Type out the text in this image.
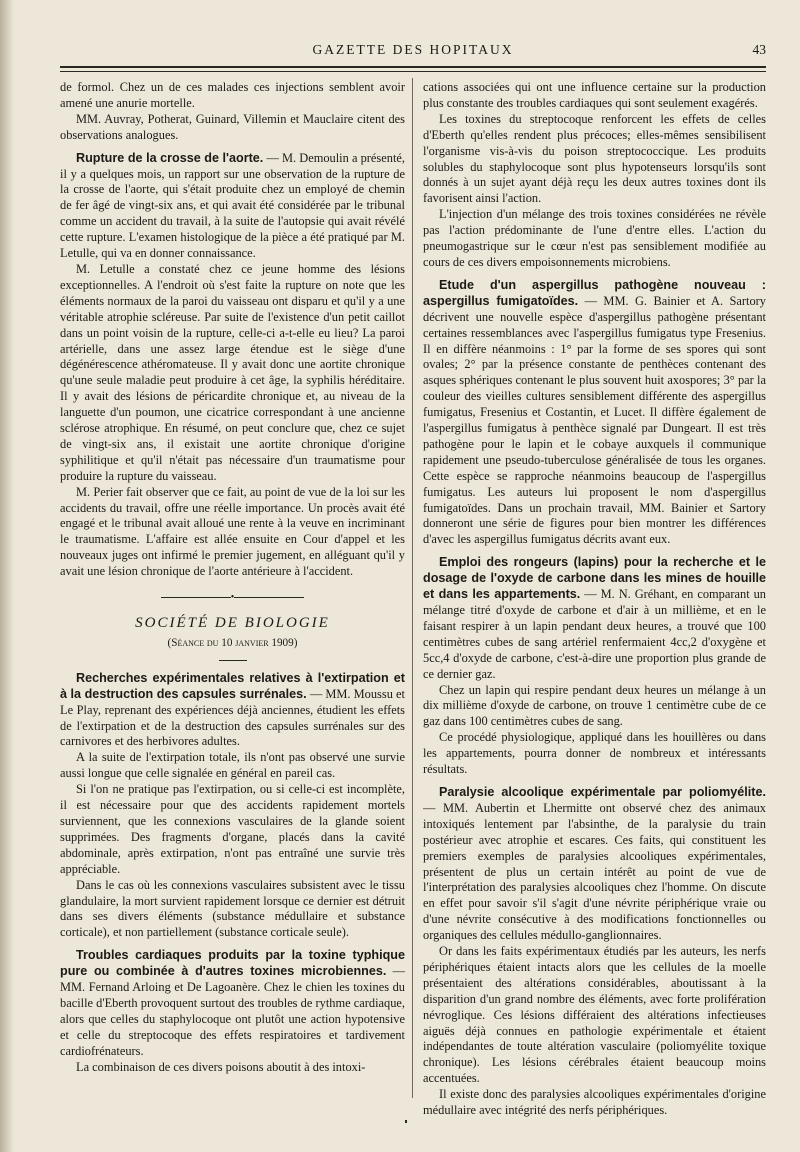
GAZETTE DES HOPITAUX	43

de formol. Chez un de ces malades ces injections semblent avoir amené une anurie mortelle.

MM. Auvray, Potherat, Guinard, Villemin et Mauclaire citent des observations analogues.

Rupture de la crosse de l'aorte. — M. Demoulin a présenté, il y a quelques mois, un rapport sur une observation de la rupture de la crosse de l'aorte, qui s'était produite chez un employé de chemin de fer âgé de vingt-six ans, et qui avait été considérée par le tribunal comme un accident du travail, à la suite de l'autopsie qui avait révélé cette rupture. L'examen histologique de la pièce a été pratiqué par M. Letulle, qui va en donner connaissance.

M. Letulle a constaté chez ce jeune homme des lésions exceptionnelles. A l'endroit où s'est faite la rupture on note que les éléments normaux de la paroi du vaisseau ont disparu et qu'il y a une véritable atrophie scléreuse. Par suite de l'existence d'un petit caillot dans un point voisin de la rupture, celle-ci a-t-elle eu lieu? La paroi artérielle, dans une assez large étendue est le siège d'une dégénérescence athéromateuse. Il y avait donc une aortite chronique qu'une seule maladie peut produire à cet âge, la syphilis héréditaire. Il y avait des lésions de péricardite chronique et, au niveau de la languette d'un poumon, une cicatrice correspondant à une ancienne sclérose atrophique. En résumé, on peut conclure que, chez ce sujet de vingt-six ans, il existait une aortite chronique d'origine syphilitique et qu'il n'était pas nécessaire d'un traumatisme pour produire la rupture du vaisseau.

M. Perier fait observer que ce fait, au point de vue de la loi sur les accidents du travail, offre une réelle importance. Un procès avait été engagé et le tribunal avait alloué une rente à la veuve en incriminant le traumatisme. L'affaire est allée ensuite en Cour d'appel et les nouveaux juges ont infirmé le premier jugement, en alléguant qu'il y avait une lésion chronique de l'aorte antérieure à l'accident.

•
SOCIÉTÉ DE BIOLOGIE
(Séance du 10 janvier 1909)

Recherches expérimentales relatives à l'extirpation et à la destruction des capsules surrénales. — MM. Moussu et Le Play, reprenant des expériences déjà anciennes, étudient les effets de l'extirpation et de la destruction des capsules surrénales sur des carnivores et des herbivores adultes.

A la suite de l'extirpation totale, ils n'ont pas observé une survie aussi longue que celle signalée en général en pareil cas.

Si l'on ne pratique pas l'extirpation, ou si celle-ci est incomplète, il est nécessaire pour que des accidents rapidement mortels surviennent, que les connexions vasculaires de la glande soient supprimées. Des fragments d'organe, placés dans la cavité abdominale, après extirpation, n'ont pas entraîné une survie très appréciable.

Dans le cas où les connexions vasculaires subsistent avec le tissu glandulaire, la mort survient rapidement lorsque ce dernier est détruit dans ses divers éléments (substance médullaire et substance corticale), et non partiellement (substance corticale seule).

Troubles cardiaques produits par la toxine typhique pure ou combinée à d'autres toxines microbiennes. — MM. Fernand Arloing et De Lagoanère. Chez le chien les toxines du bacille d'Eberth provoquent surtout des troubles de rythme cardiaque, alors que celles du staphylocoque ont plutôt une action hypotensive et celle du streptocoque des effets respiratoires et tardivement cardiofrénateurs.

La combinaison de ces divers poisons aboutit à des intoxi-

cations associées qui ont une influence certaine sur la production plus constante des troubles cardiaques qui sont seulement exagérés.

Les toxines du streptocoque renforcent les effets de celles d'Eberth qu'elles rendent plus précoces; elles-mêmes sensibilisent l'organisme vis-à-vis du poison streptococcique. Les produits solubles du staphylocoque sont plus hypotenseurs lorsqu'ils sont donnés à un sujet ayant déjà reçu les deux autres toxines dont ils favorisent ainsi l'action.

L'injection d'un mélange des trois toxines considérées ne révèle pas l'action prédominante de l'une d'entre elles. L'action du pneumogastrique sur le cœur n'est pas sensiblement modifiée au cours de ces divers empoisonnements microbiens.

Etude d'un aspergillus pathogène nouveau : aspergillus fumigatoïdes. — MM. G. Bainier et A. Sartory décrivent une nouvelle espèce d'aspergillus pathogène présentant certaines ressemblances avec l'aspergillus fumigatus type Fresenius. Il en diffère néanmoins : 1° par la forme de ses spores qui sont ovales; 2° par la présence constante de penthèces contenant des asques sphériques contenant le plus souvent huit axospores; 3° par la couleur des vieilles cultures sensiblement différente des aspergillus fumigatus, Fresenius et Costantin, et Lucet. Il diffère également de l'aspergillus fumigatus à penthèce signalé par Dungeart. Il est très pathogène pour le lapin et le cobaye auxquels il communique rapidement une pseudo-tuberculose généralisée de tous les organes. Cette espèce se rapproche néanmoins beaucoup de l'aspergillus fumigatus. Les auteurs lui proposent le nom d'aspergillus fumigatoïdes. Dans un prochain travail, MM. Bainier et Sartory donneront une série de figures pour bien montrer les différences d'avec les aspergillus fumigatus décrits avant eux.

Emploi des rongeurs (lapins) pour la recherche et le dosage de l'oxyde de carbone dans les mines de houille et dans les appartements. — M. N. Gréhant, en comparant un mélange titré d'oxyde de carbone et d'air à un millième, et en le faisant respirer à un lapin pendant deux heures, a trouvé que 100 centimètres cubes de sang artériel renfermaient 4cc,2 d'oxygène et 5cc,4 d'oxyde de carbone, c'est-à-dire une proportion plus grande de ce dernier gaz.

Chez un lapin qui respire pendant deux heures un mélange à un dix millième d'oxyde de carbone, on trouve 1 centimètre cube de ce gaz dans 100 centimètres cubes de sang.

Ce procédé physiologique, appliqué dans les houillères ou dans les appartements, pourra donner de nombreux et intéressants résultats.

Paralysie alcoolique expérimentale par poliomyélite. — MM. Aubertin et Lhermitte ont observé chez des animaux intoxiqués lentement par l'absinthe, de la paralysie du train postérieur avec atrophie et escares. Ces faits, qui constituent les premiers exemples de paralysies alcooliques expérimentales, présentent de plus un certain intérêt au point de vue de l'interprétation des paralysies alcooliques chez l'homme. On discute en effet pour savoir s'il s'agit d'une névrite périphérique vraie ou d'une névrite consécutive à des modifications fonctionnelles ou organiques des cellules médullo-ganglionnaires.

Or dans les faits expérimentaux étudiés par les auteurs, les nerfs périphériques étaient intacts alors que les cellules de la moelle présentaient des altérations considérables, aboutissant à la disparition d'un grand nombre des éléments, avec forte prolifération névroglique. Ces lésions différaient des altérations infectieuses aiguës déjà connues en pathologie expérimentale et étaient indépendantes de toute altération vasculaire (poliomyélite toxique chronique). Les lésions cérébrales étaient beaucoup moins accentuées.

Il existe donc des paralysies alcooliques expérimentales d'origine médullaire avec intégrité des nerfs périphériques.
